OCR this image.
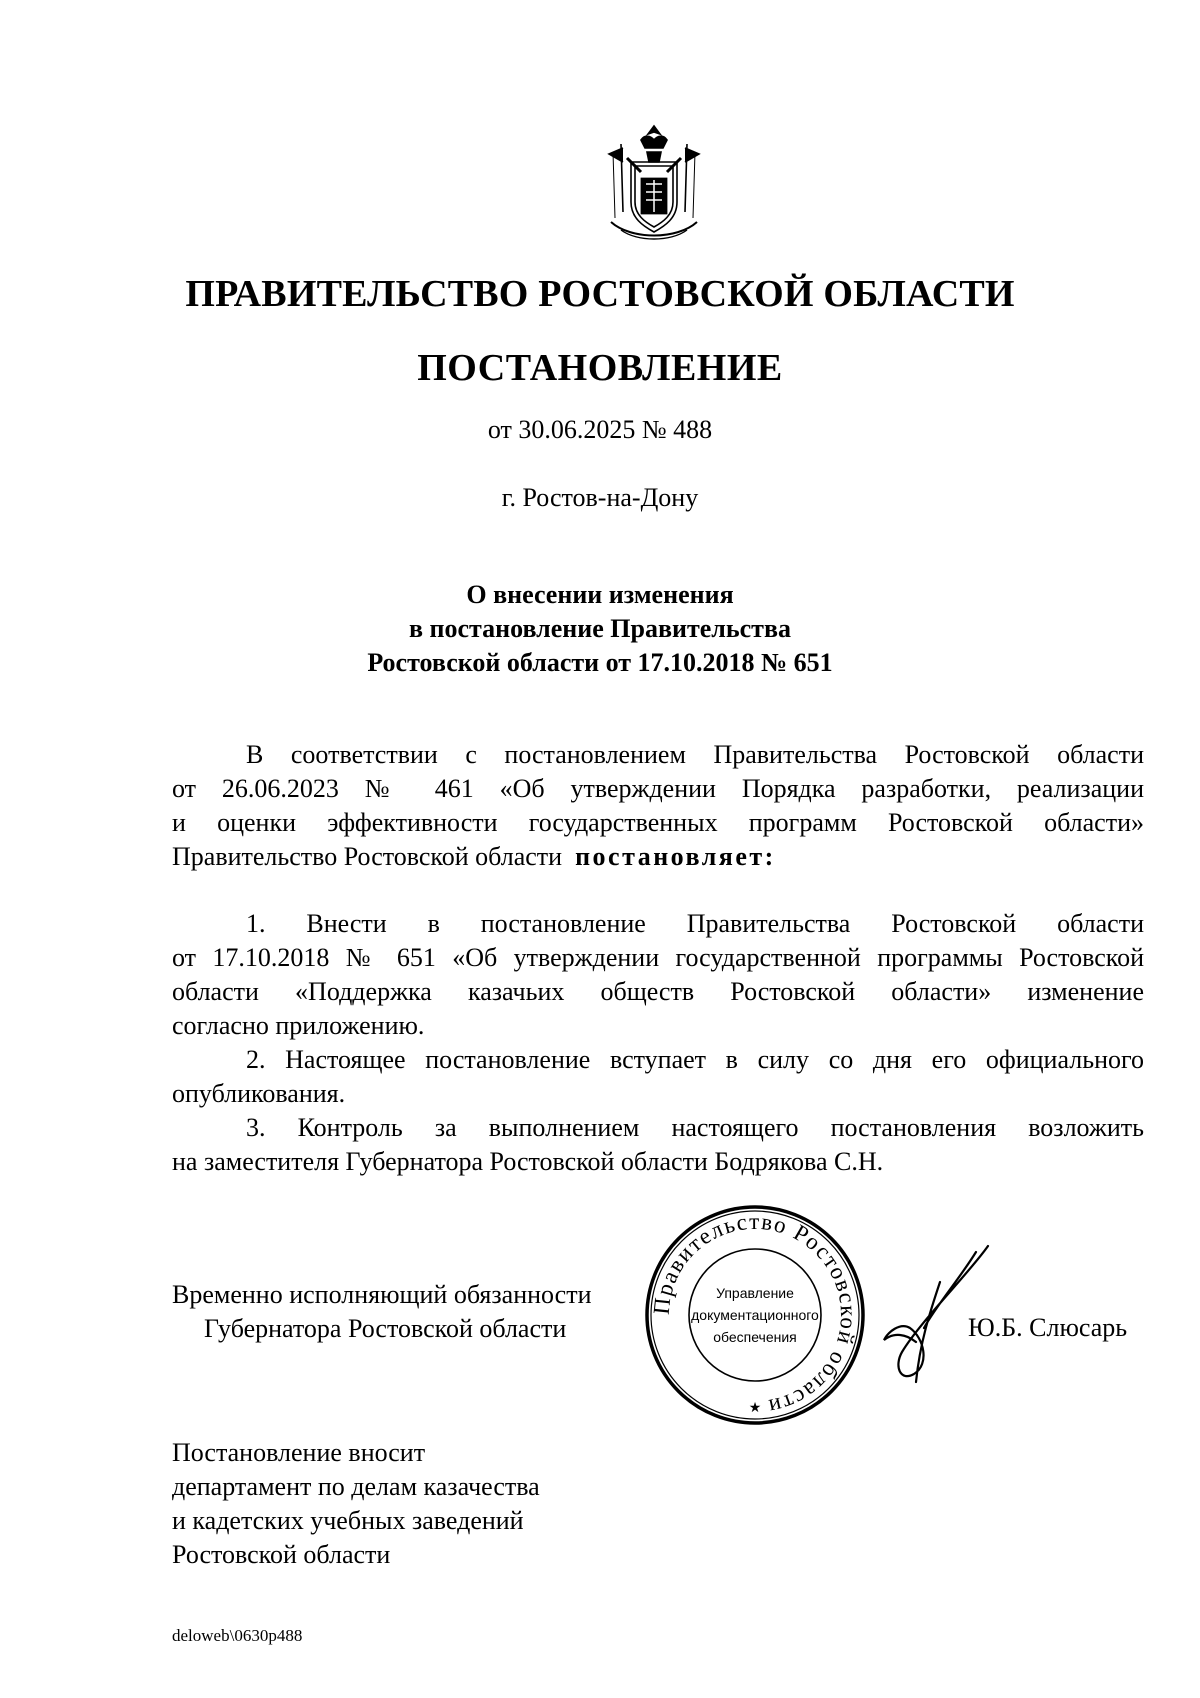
ПРАВИТЕЛЬСТВО РОСТОВСКОЙ ОБЛАСТИ
ПОСТАНОВЛЕНИЕ
от 30.06.2025 № 488
г. Ростов-на-Дону
О внесении изменения
в постановление Правительства
Ростовской области от 17.10.2018 № 651
В соответствии с постановлением Правительства Ростовской области
от 26.06.2023 № 461 «Об утверждении Порядка разработки, реализации
и оценки эффективности государственных программ Ростовской области»
Правительство Ростовской области постановляет:
1. Внести в постановление Правительства Ростовской области
от 17.10.2018 № 651 «Об утверждении государственной программы Ростовской
области «Поддержка казачьих обществ Ростовской области» изменение
согласно приложению.
2. Настоящее постановление вступает в силу со дня его официального
опубликования.
3. Контроль за выполнением настоящего постановления возложить
на заместителя Губернатора Ростовской области Бодрякова С.Н.
Временно исполняющий обязанности
Губернатора Ростовской области
Правительство Ростовской области
Управление
документационного
обеспечения
★
Ю.Б. Слюсарь
Постановление вносит
департамент по делам казачества
и кадетских учебных заведений
Ростовской области
deloweb\0630p488
